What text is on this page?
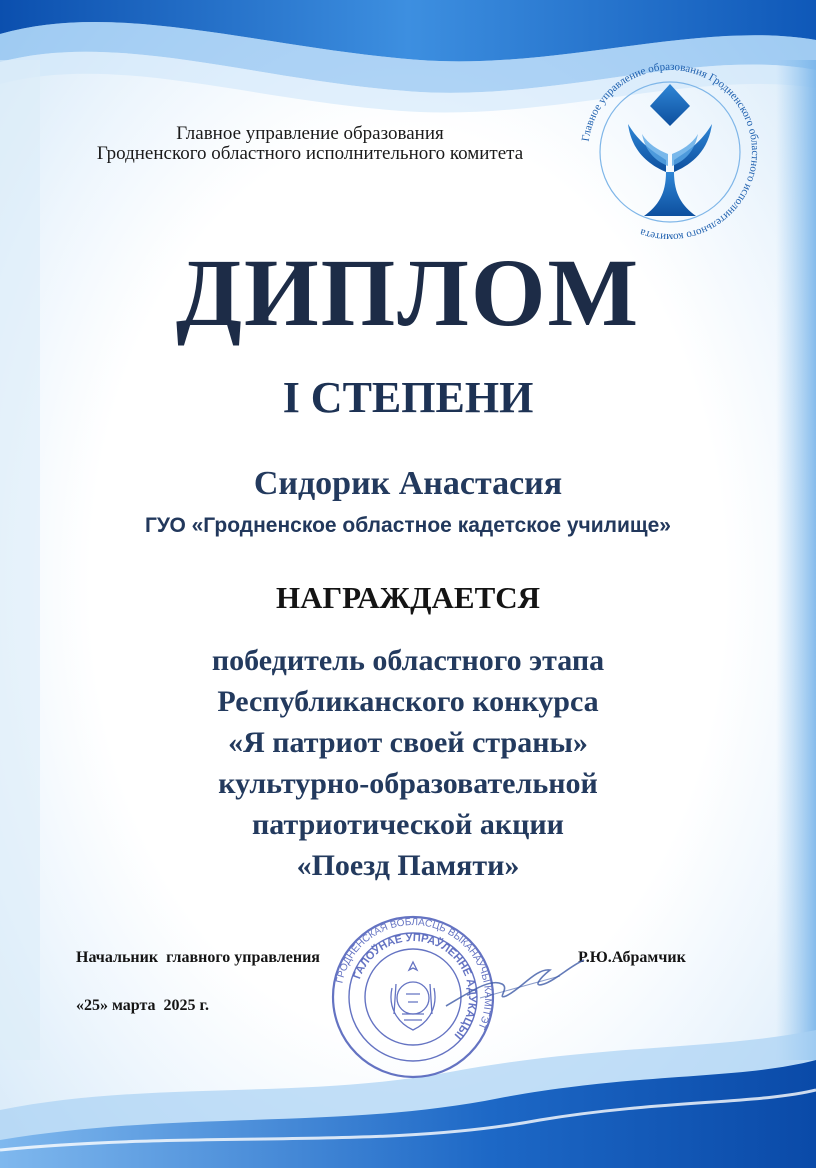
Главное управление образования
Гродненского областного исполнительного комитета
Главное управление образования Гродненского областного исполнительного комитета
ДИПЛОМ
I СТЕПЕНИ
Сидорик Анастасия
ГУО «Гродненское областное кадетское училище»
НАГРАЖДАЕТСЯ
победитель областного этапа
Республиканского конкурса
«Я патриот своей страны»
культурно-образовательной
патриотической акции
«Поезд Памяти»
Начальник  главного управления	Р.Ю.Абрамчик
«25» марта  2025 г.
ГРОДНЕНСКАЯ ВОБЛАСЦЬ ВЫКАНАУЧЫ КАМІТЭТ
ГАЛОЎНАЕ УПРАЎЛЕННЕ АДУКАЦЫІ
